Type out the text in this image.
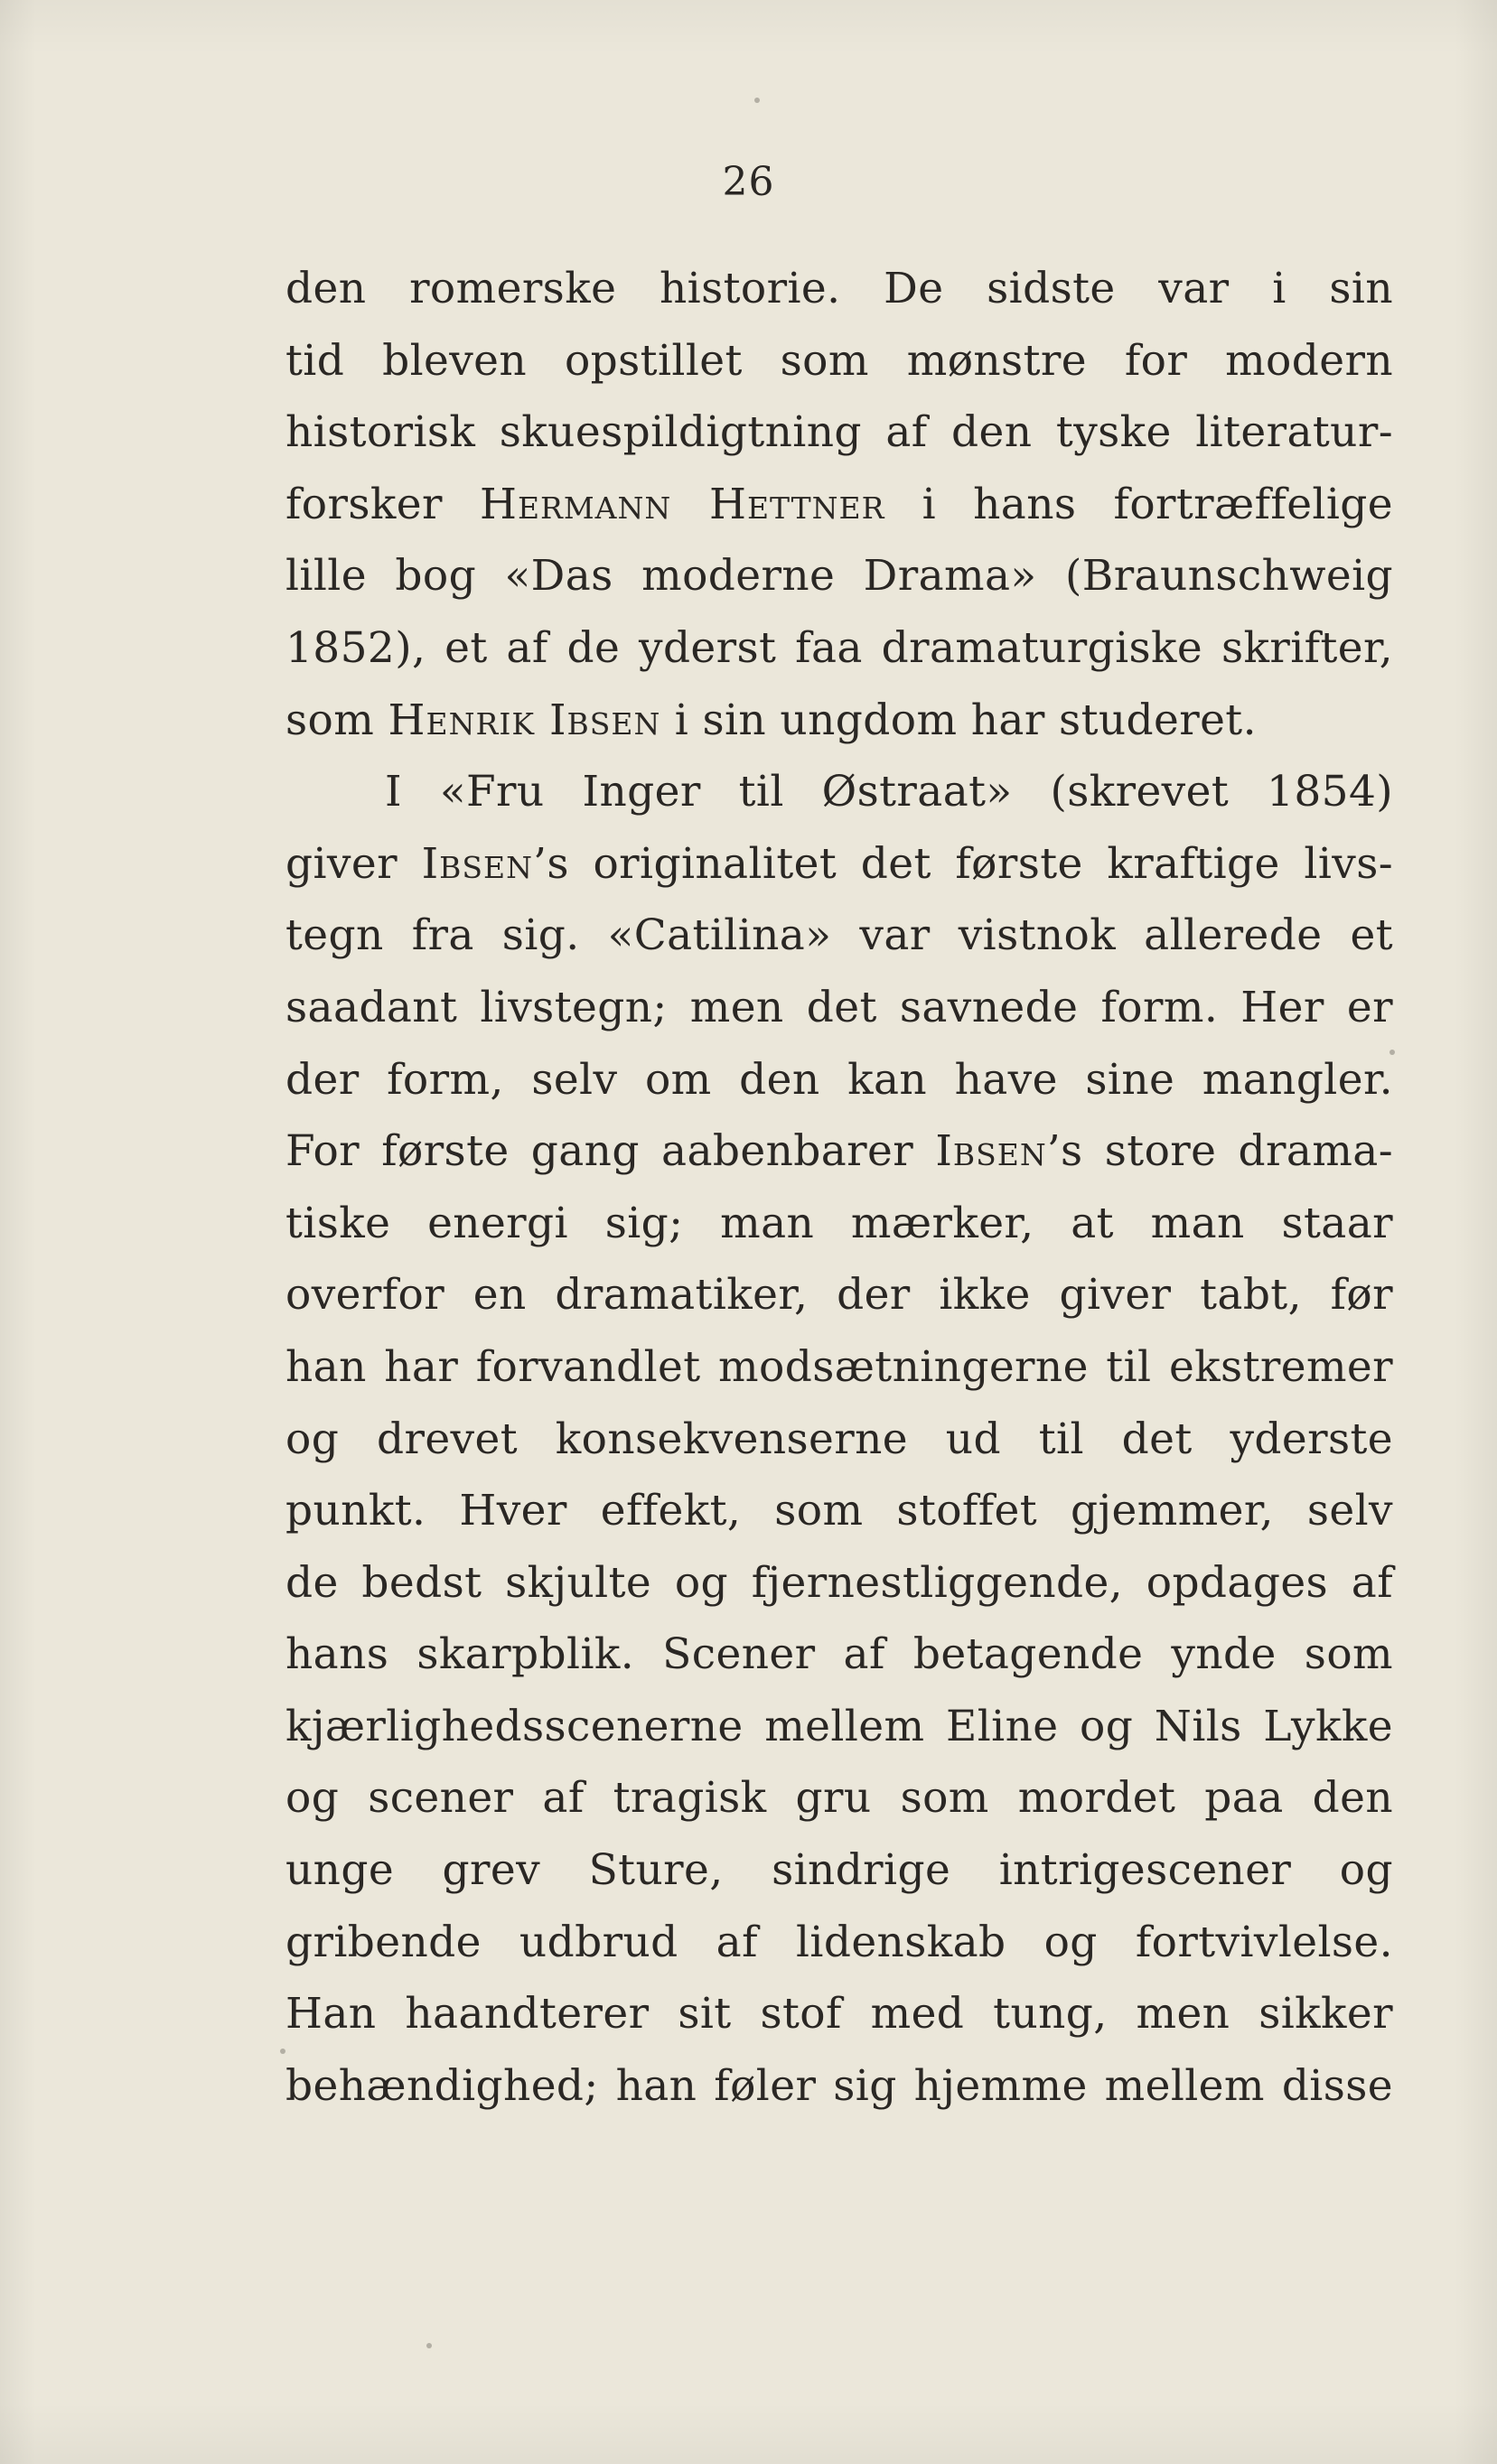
26
den romerske historie. De sidste var i sin
tid bleven opstillet som mønstre for modern
historisk skuespildigtning af den tyske literatur-
forsker Hermann Hettner i hans fortræffelige
lille bog «Das moderne Drama» (Braunschweig
1852), et af de yderst faa dramaturgiske skrifter,
som Henrik Ibsen i sin ungdom har studeret.
I «Fru Inger til Østraat» (skrevet 1854)
giver Ibsen’s originalitet det første kraftige livs-
tegn fra sig. «Catilina» var vistnok allerede et
saadant livstegn; men det savnede form. Her er
der form, selv om den kan have sine mangler.
For første gang aabenbarer Ibsen’s store drama-
tiske energi sig; man mærker, at man staar
overfor en dramatiker, der ikke giver tabt, før
han har forvandlet modsætningerne til ekstremer
og drevet konsekvenserne ud til det yderste
punkt. Hver effekt, som stoffet gjemmer, selv
de bedst skjulte og fjernestliggende, opdages af
hans skarpblik. Scener af betagende ynde som
kjærlighedsscenerne mellem Eline og Nils Lykke
og scener af tragisk gru som mordet paa den
unge grev Sture, sindrige intrigescener og
gribende udbrud af lidenskab og fortvivlelse.
Han haandterer sit stof med tung, men sikker
behændighed; han føler sig hjemme mellem disse
